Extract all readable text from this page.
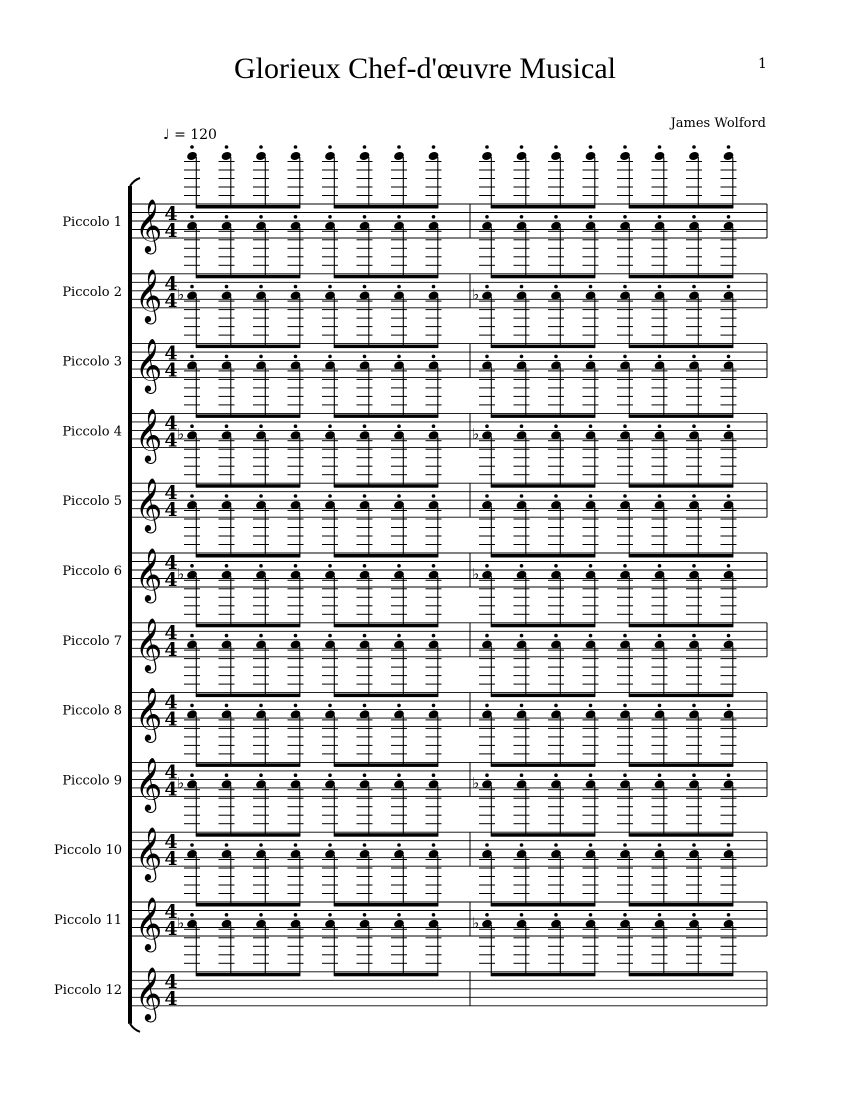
Glorieux Chef-d'œuvre Musical	1
James Wolford
♩ = 120
Piccolo 1 𝄞 4
4
Piccolo 2 𝄞 4
4
Piccolo 3 𝄞 4
4
♭	♭
Piccolo 4 𝄞 4
4
Piccolo 5 𝄞 4
4
♭	♭
Piccolo 6 𝄞 4
4
Piccolo 7 𝄞 4
4
♭	♭
Piccolo 8 𝄞 4
4
Piccolo 9 𝄞 4
4
Piccolo 10 𝄞 4
4
♭	♭
Piccolo 11 𝄞 4
4
Piccolo 12 𝄞 4
4
♭	♭
